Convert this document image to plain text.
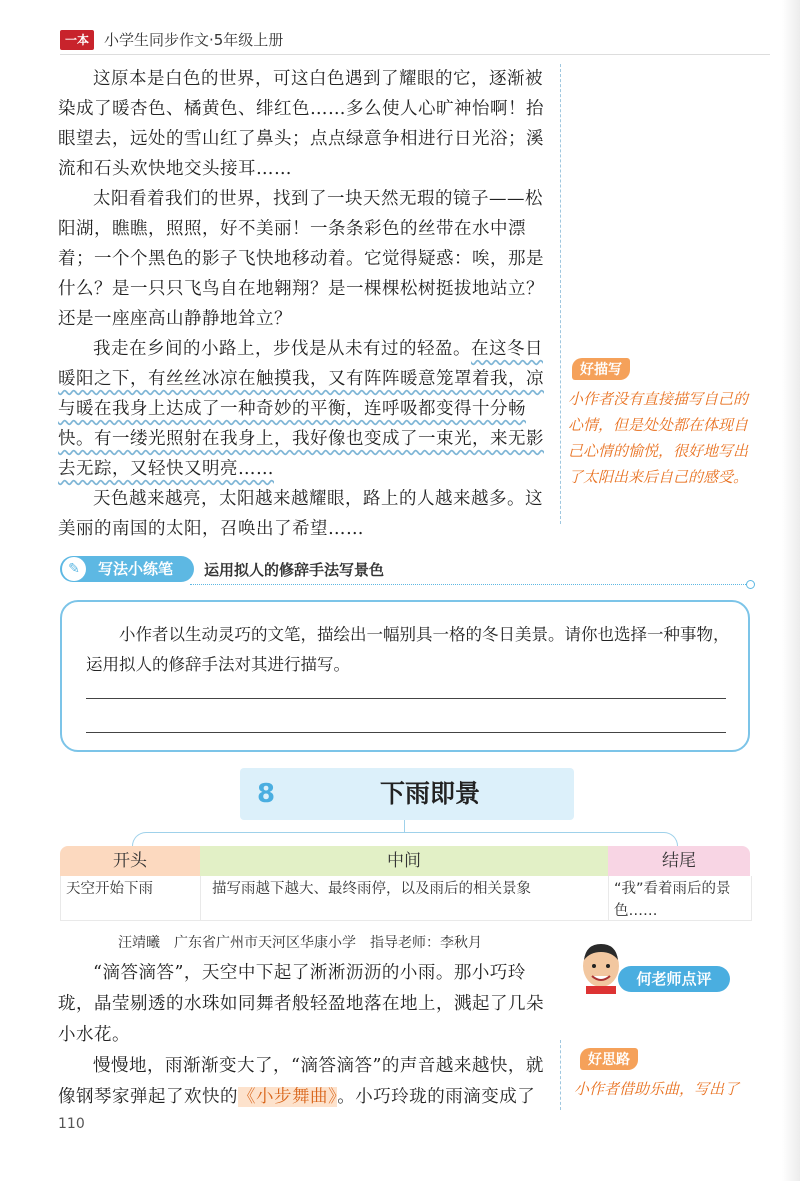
一本	小学生同步作文·5年级上册

这原本是白色的世界，可这白色遇到了耀眼的它，逐渐被染成了暖杏色、橘黄色、绯红色……多么使人心旷神怡啊！抬眼望去，远处的雪山红了鼻头；点点绿意争相进行日光浴；溪流和石头欢快地交头接耳……

太阳看着我们的世界，找到了一块天然无瑕的镜子——松阳湖，瞧瞧，照照，好不美丽！一条条彩色的丝带在水中漂着；一个个黑色的影子飞快地移动着。它觉得疑惑：唉，那是什么？是一只只飞鸟自在地翱翔？是一棵棵松树挺拔地站立？还是一座座高山静静地耸立？

我走在乡间的小路上，步伐是从未有过的轻盈。在这冬日暖阳之下，有丝丝冰凉在触摸我，又有阵阵暖意笼罩着我，凉与暖在我身上达成了一种奇妙的平衡，连呼吸都变得十分畅快。有一缕光照射在我身上，我好像也变成了一束光，来无影去无踪，又轻快又明亮……

天色越来越亮，太阳越来越耀眼，路上的人越来越多。这美丽的南国的太阳，召唤出了希望……

好描写
小作者没有直接描写自己的心情，但是处处都在体现自己心情的愉悦，很好地写出了太阳出来后自己的感受。
写法小练笔
✎	运用拟人的修辞手法写景色

小作者以生动灵巧的文笔，描绘出一幅别具一格的冬日美景。请你也选择一种事物，运用拟人的修辞手法对其进行描写。

8	下雨即景
开头	中间	结尾
天空开始下雨	描写雨越下越大、最终雨停，以及雨后的相关景象	“我”看着雨后的景色……
汪靖曦　广东省广州市天河区华康小学　指导老师：李秋月

“滴答滴答”，天空中下起了淅淅沥沥的小雨。那小巧玲珑，晶莹剔透的水珠如同舞者般轻盈地落在地上，溅起了几朵小水花。

慢慢地，雨渐渐变大了，“滴答滴答”的声音越来越快，就像钢琴家弹起了欢快的《小步舞曲》。小巧玲珑的雨滴变成了

何老师点评
好思路
小作者借助乐曲，写出了
110
